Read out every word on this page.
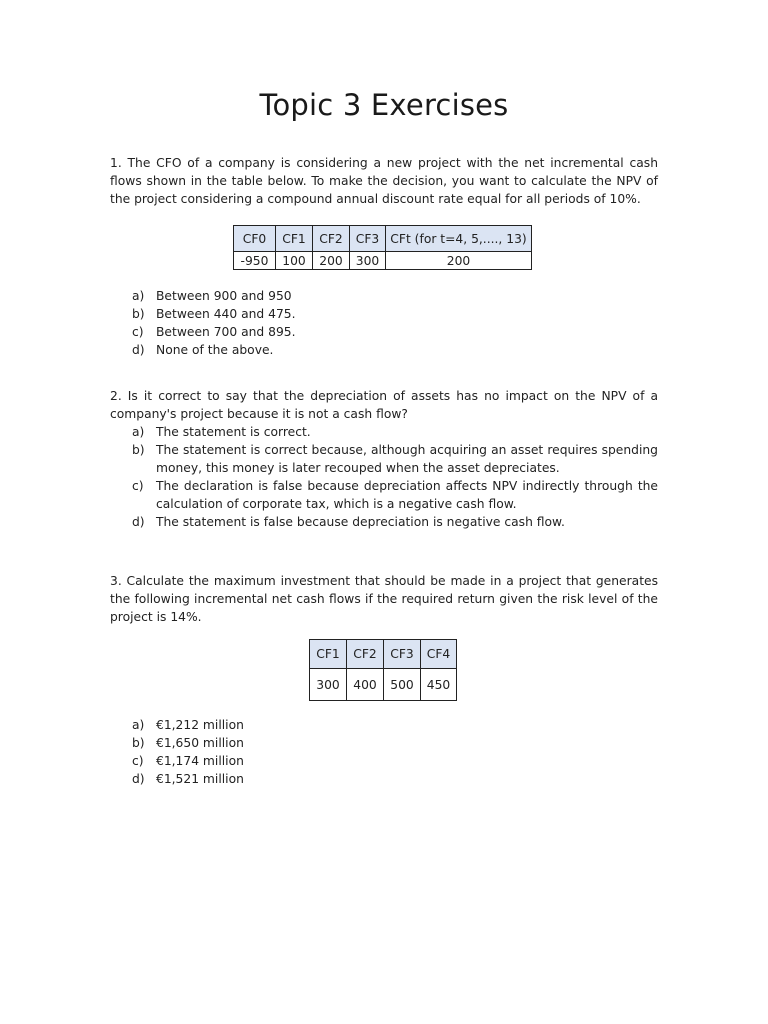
Topic 3 Exercises

1. The CFO of a company is considering a new project with the net incremental cash flows shown in the table below. To make the decision, you want to calculate the NPV of the project considering a compound annual discount rate equal for all periods of 10%.

CF0	CF1	CF2	CF3	CFt (for t=4, 5,...., 13)
-950	100	200	300	200
a) Between 900 and 950
b) Between 440 and 475.
c) Between 700 and 895.
d) None of the above.

2. Is it correct to say that the depreciation of assets has no impact on the NPV of a company's project because it is not a cash flow?

a) The statement is correct.
b) The statement is correct because, although acquiring an asset requires spending money, this money is later recouped when the asset depreciates.
c) The declaration is false because depreciation affects NPV indirectly through the calculation of corporate tax, which is a negative cash flow.
d) The statement is false because depreciation is negative cash flow.

3. Calculate the maximum investment that should be made in a project that generates the following incremental net cash flows if the required return given the risk level of the project is 14%.

CF1	CF2	CF3	CF4
300	400	500	450
a) €1,212 million
b) €1,650 million
c) €1,174 million
d) €1,521 million
